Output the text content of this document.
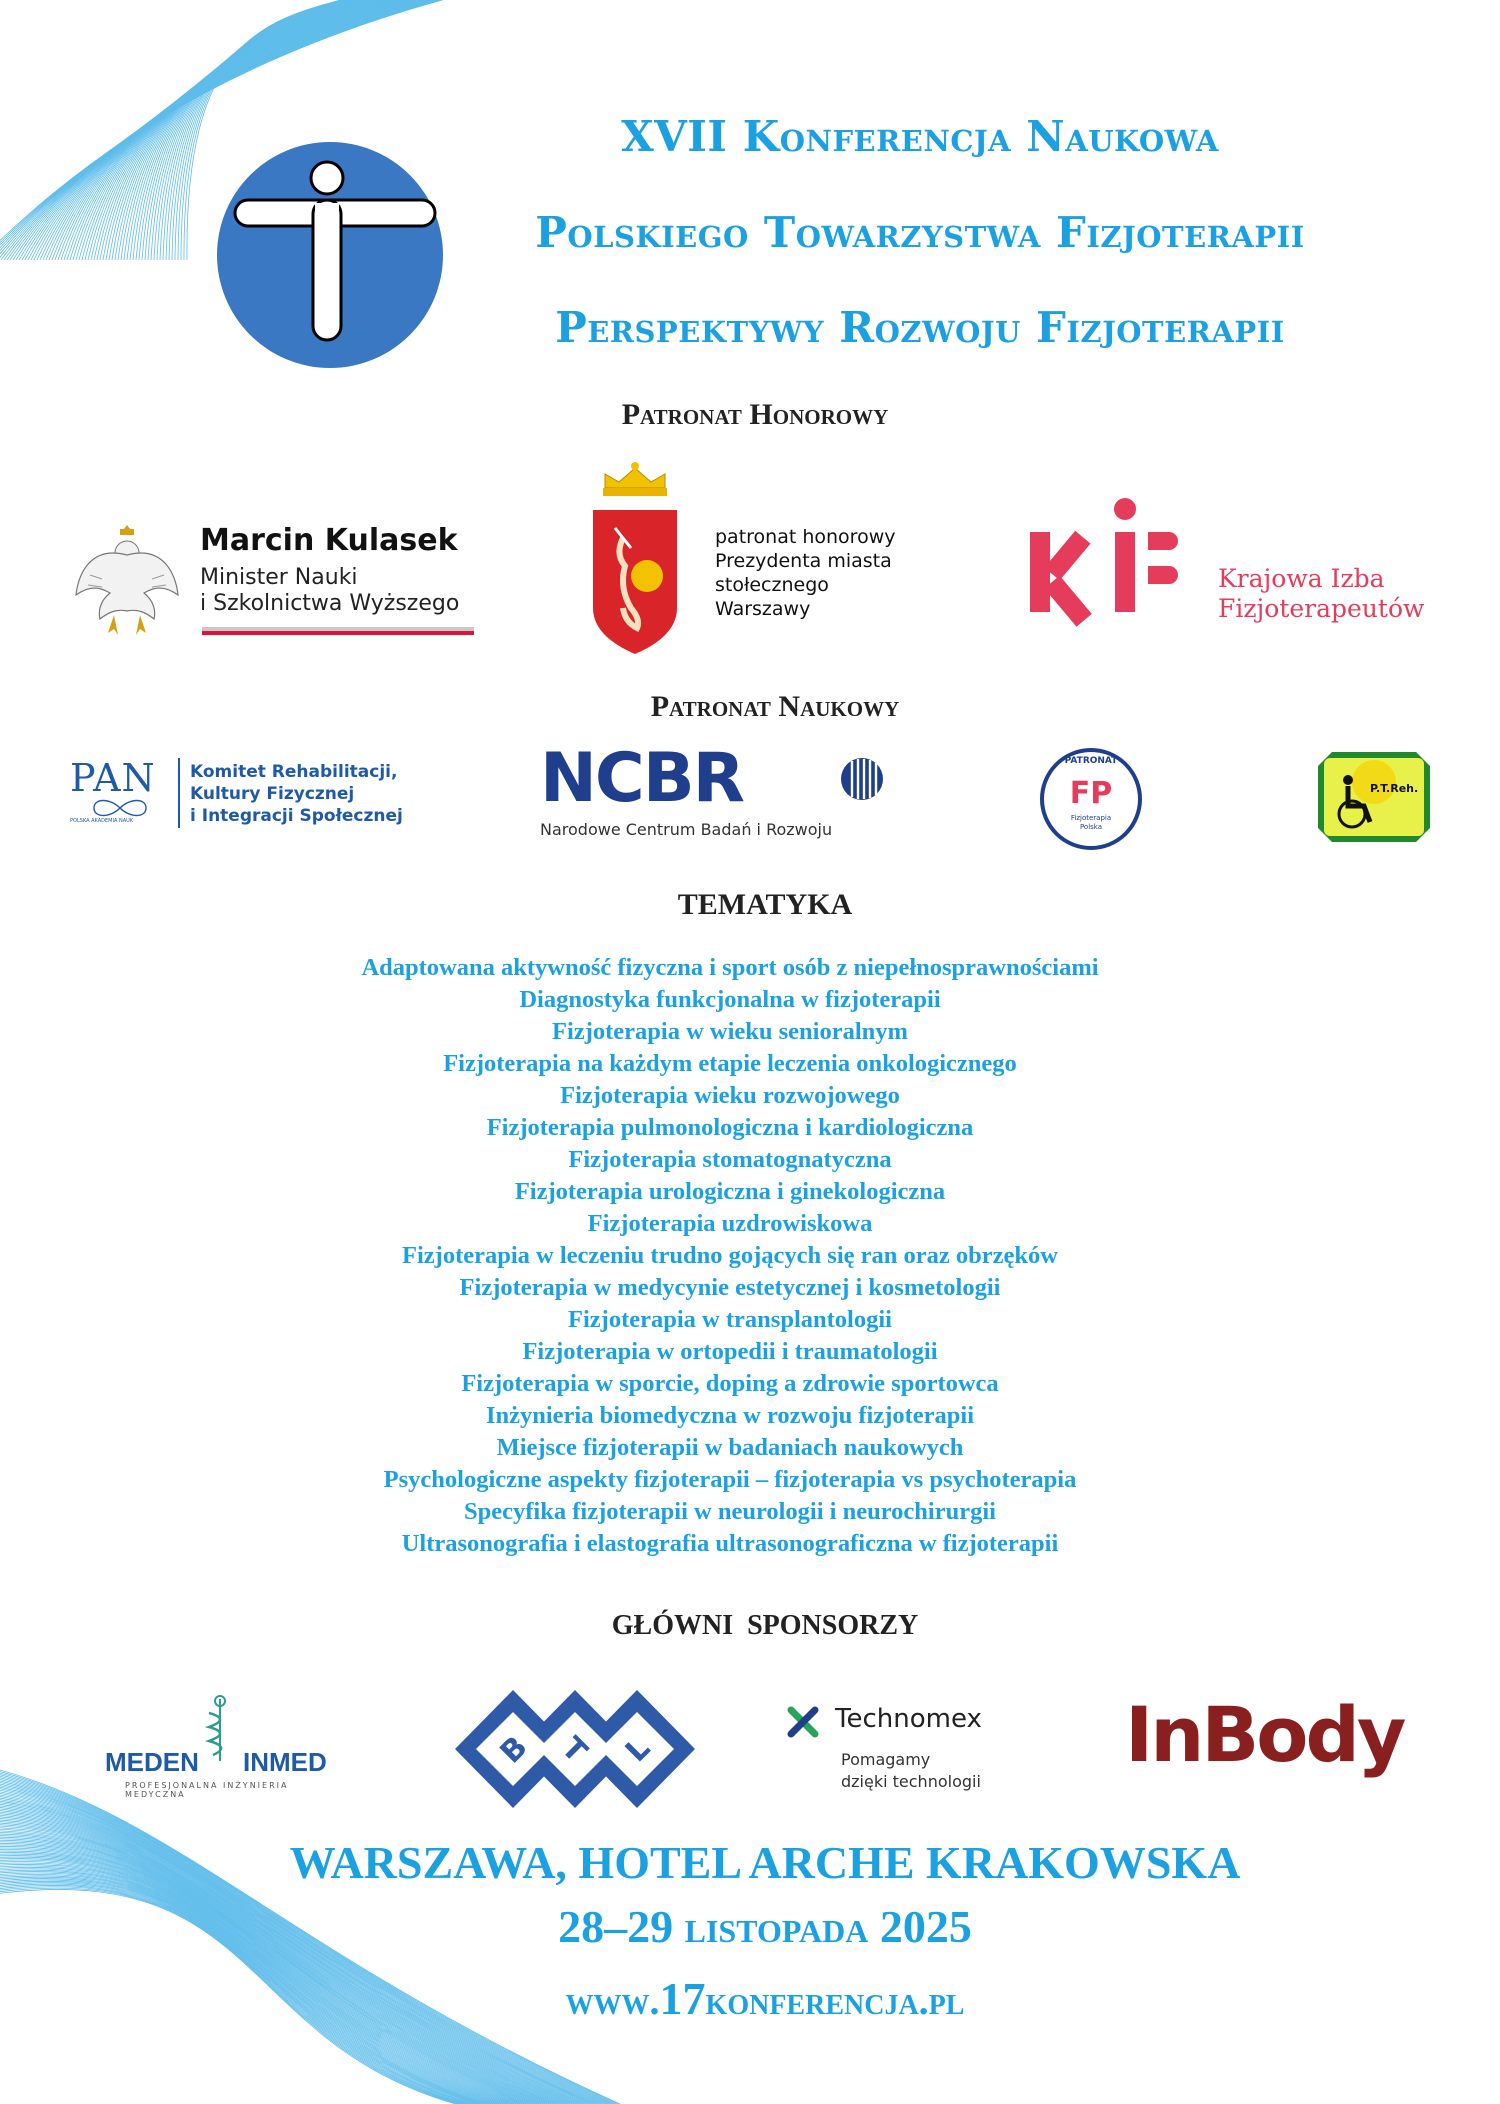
XVII Konferencja Naukowa
Polskiego Towarzystwa Fizjoterapii
Perspektywy Rozwoju Fizjoterapii
Patronat Honorowy
Marcin Kulasek
Minister Nauki
i Szkolnictwa Wyższego
patronat honorowy
Prezydenta miasta
stołecznego
Warszawy
Krajowa Izba
Fizjoterapeutów
Patronat Naukowy
PAN
POLSKA AKADEMIA NAUK
Komitet Rehabilitacji,
Kultury Fizycznej
i Integracji Społecznej NCBR
Narodowe Centrum Badań i Rozwoju
PATRONAT
FP
Fizjoterapia
Polska
P.T.Reh.
TEMATYKA
Adaptowana aktywność fizyczna i sport osób z niepełnosprawnościami
Diagnostyka funkcjonalna w fizjoterapii
Fizjoterapia w wieku senioralnym
Fizjoterapia na każdym etapie leczenia onkologicznego
Fizjoterapia wieku rozwojowego
Fizjoterapia pulmonologiczna i kardiologiczna
Fizjoterapia stomatognatyczna
Fizjoterapia urologiczna i ginekologiczna
Fizjoterapia uzdrowiskowa
Fizjoterapia w leczeniu trudno gojących się ran oraz obrzęków
Fizjoterapia w medycynie estetycznej i kosmetologii
Fizjoterapia w transplantologii
Fizjoterapia w ortopedii i traumatologii
Fizjoterapia w sporcie, doping a zdrowie sportowca
Inżynieria biomedyczna w rozwoju fizjoterapii
Miejsce fizjoterapii w badaniach naukowych
Psychologiczne aspekty fizjoterapii – fizjoterapia vs psychoterapia
Specyfika fizjoterapii w neurologii i neurochirurgii
Ultrasonografia i elastografia ultrasonograficzna w fizjoterapii
GŁÓWNI  SPONSORZY
MEDEN INMED
PROFESJONALNA INŻYNIERIA MEDYCZNA
B T L
Technomex
Pomagamy
dzięki technologii
InBody
WARSZAWA, HOTEL ARCHE KRAKOWSKA
28–29 listopada 2025
www.17konferencja.pl
